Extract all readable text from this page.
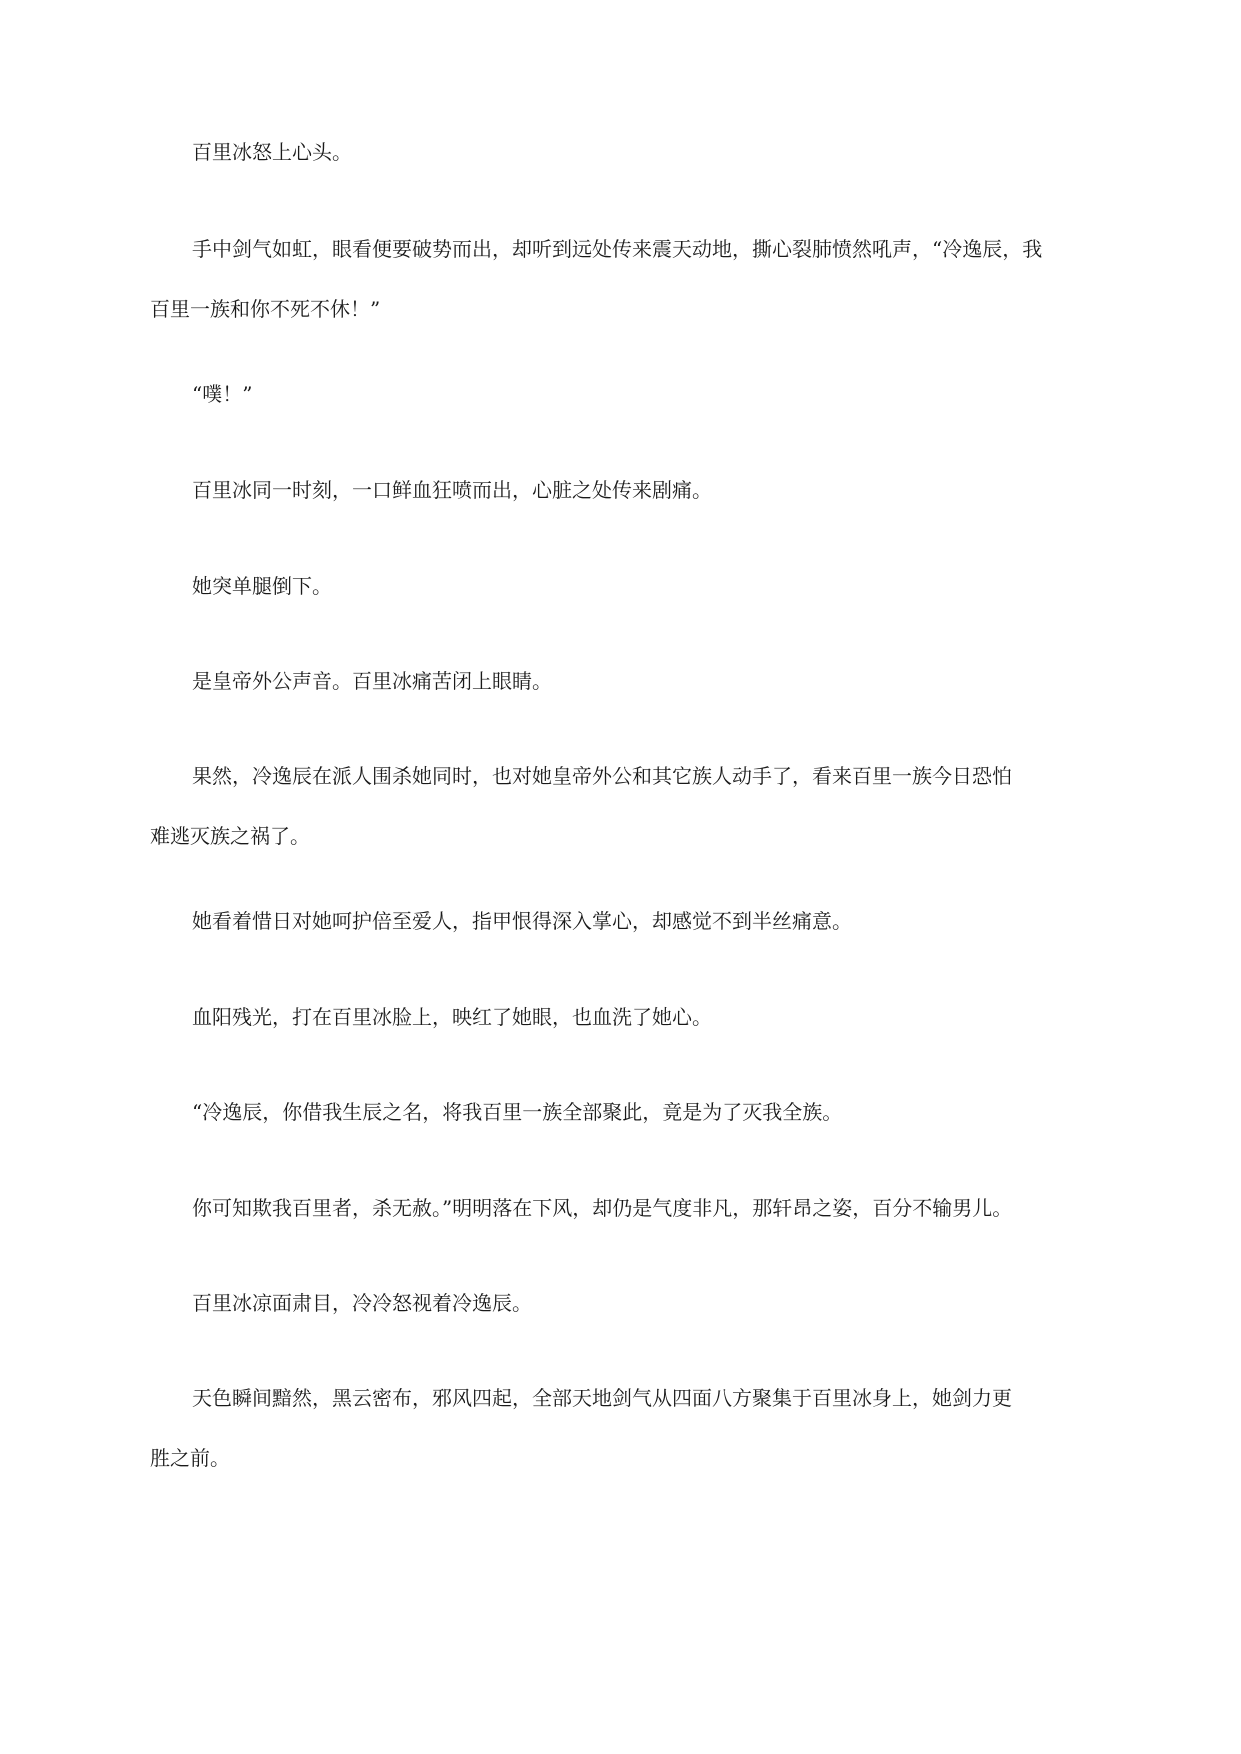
百里冰怒上心头。
手中剑气如虹，眼看便要破势而出，却听到远处传来震天动地，撕心裂肺愤然吼声，“冷逸辰，我
百里一族和你不死不休！”
“噗！”
百里冰同一时刻，一口鲜血狂喷而出，心脏之处传来剧痛。
她突单腿倒下。
是皇帝外公声音。百里冰痛苦闭上眼睛。
果然，冷逸辰在派人围杀她同时，也对她皇帝外公和其它族人动手了，看来百里一族今日恐怕
难逃灭族之祸了。
她看着惜日对她呵护倍至爱人，指甲恨得深入掌心，却感觉不到半丝痛意。
血阳残光，打在百里冰脸上，映红了她眼，也血洗了她心。
“冷逸辰，你借我生辰之名，将我百里一族全部聚此，竟是为了灭我全族。
你可知欺我百里者，杀无赦。”明明落在下风，却仍是气度非凡，那轩昂之姿，百分不输男儿。
百里冰凉面肃目，冷冷怒视着冷逸辰。
天色瞬间黯然，黑云密布，邪风四起，全部天地剑气从四面八方聚集于百里冰身上，她剑力更
胜之前。
